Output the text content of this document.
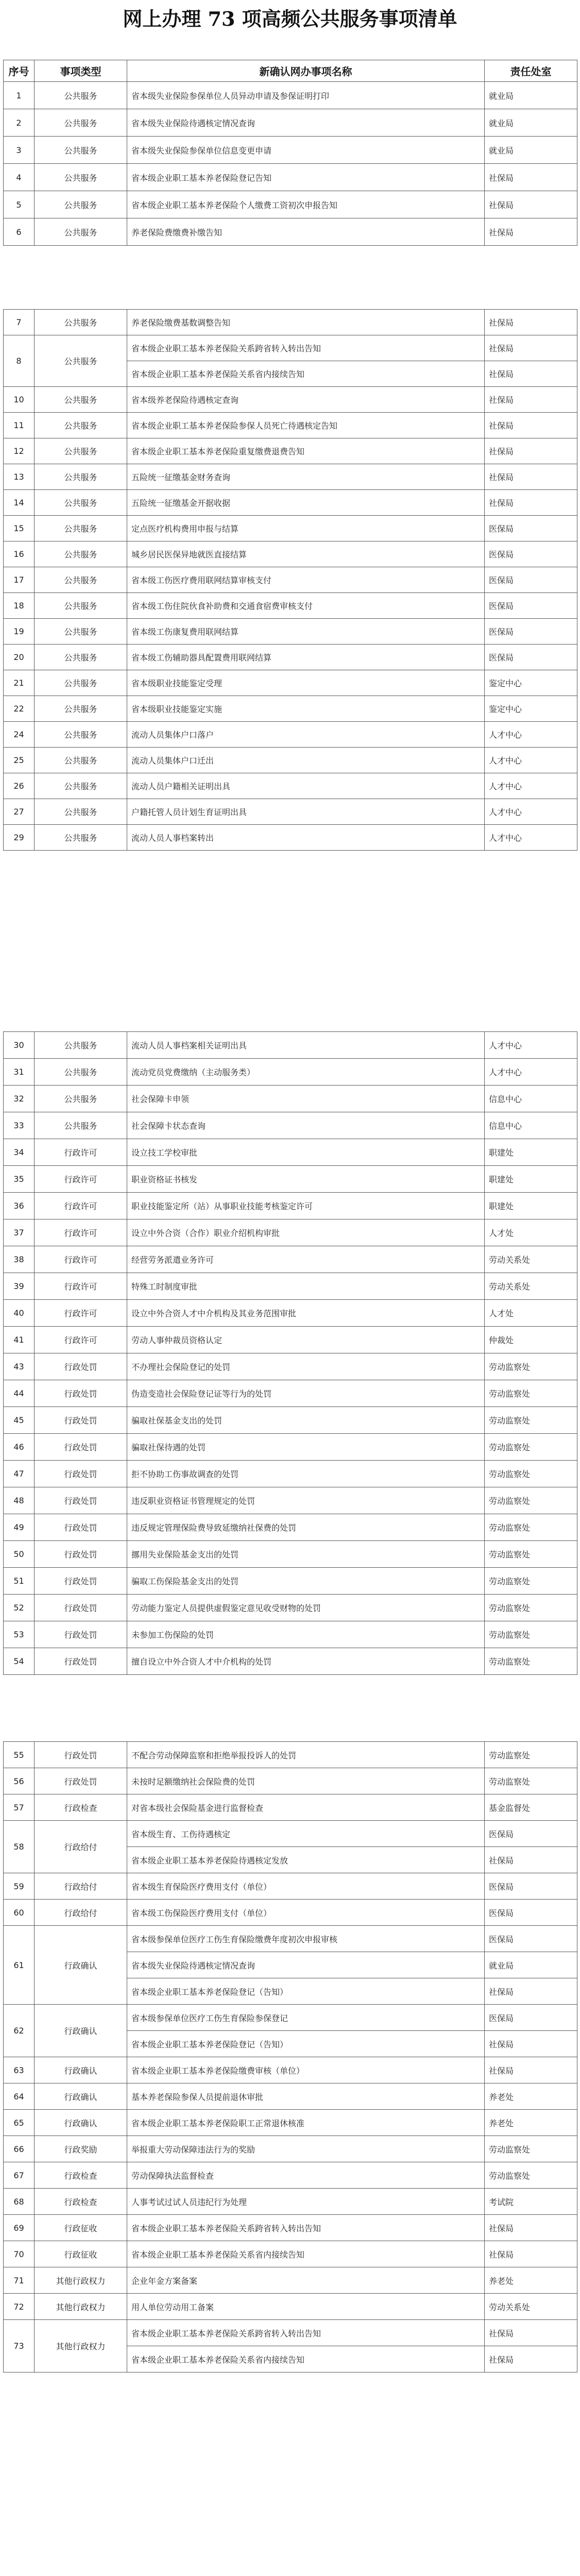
网上办理 73 项高频公共服务事项清单
序号	事项类型	新确认网办事项名称	责任处室
1	公共服务	省本级失业保险参保单位人员异动申请及参保证明打印	就业局
2	公共服务	省本级失业保险待遇核定情况查询	就业局
3	公共服务	省本级失业保险参保单位信息变更申请	就业局
4	公共服务	省本级企业职工基本养老保险登记告知	社保局
5	公共服务	省本级企业职工基本养老保险个人缴费工资初次申报告知	社保局
6	公共服务	养老保险费缴费补缴告知	社保局
7	公共服务	养老保险缴费基数调整告知	社保局
8	公共服务	省本级企业职工基本养老保险关系跨省转入转出告知	社保局
		省本级企业职工基本养老保险关系省内接续告知	社保局
10	公共服务	省本级养老保险待遇核定查询	社保局
11	公共服务	省本级企业职工基本养老保险参保人员死亡待遇核定告知	社保局
12	公共服务	省本级企业职工基本养老保险重复缴费退费告知	社保局
13	公共服务	五险统一征缴基金财务查询	社保局
14	公共服务	五险统一征缴基金开据收据	社保局
15	公共服务	定点医疗机构费用申报与结算	医保局
16	公共服务	城乡居民医保异地就医直接结算	医保局
17	公共服务	省本级工伤医疗费用联网结算审核支付	医保局
18	公共服务	省本级工伤住院伙食补助费和交通食宿费审核支付	医保局
19	公共服务	省本级工伤康复费用联网结算	医保局
20	公共服务	省本级工伤辅助器具配置费用联网结算	医保局
21	公共服务	省本级职业技能鉴定受理	鉴定中心
22	公共服务	省本级职业技能鉴定实施	鉴定中心
24	公共服务	流动人员集体户口落户	人才中心
25	公共服务	流动人员集体户口迁出	人才中心
26	公共服务	流动人员户籍相关证明出具	人才中心
27	公共服务	户籍托管人员计划生育证明出具	人才中心
29	公共服务	流动人员人事档案转出	人才中心
30	公共服务	流动人员人事档案相关证明出具	人才中心
31	公共服务	流动党员党费缴纳（主动服务类）	人才中心
32	公共服务	社会保障卡申领	信息中心
33	公共服务	社会保障卡状态查询	信息中心
34	行政许可	设立技工学校审批	职建处
35	行政许可	职业资格证书核发	职建处
36	行政许可	职业技能鉴定所（站）从事职业技能考核鉴定许可	职建处
37	行政许可	设立中外合资（合作）职业介绍机构审批	人才处
38	行政许可	经营劳务派遣业务许可	劳动关系处
39	行政许可	特殊工时制度审批	劳动关系处
40	行政许可	设立中外合资人才中介机构及其业务范围审批	人才处
41	行政许可	劳动人事仲裁员资格认定	仲裁处
43	行政处罚	不办理社会保险登记的处罚	劳动监察处
44	行政处罚	伪造变造社会保险登记证等行为的处罚	劳动监察处
45	行政处罚	骗取社保基金支出的处罚	劳动监察处
46	行政处罚	骗取社保待遇的处罚	劳动监察处
47	行政处罚	拒不协助工伤事故调查的处罚	劳动监察处
48	行政处罚	违反职业资格证书管理规定的处罚	劳动监察处
49	行政处罚	违反规定管理保险费导致延缴纳社保费的处罚	劳动监察处
50	行政处罚	挪用失业保险基金支出的处罚	劳动监察处
51	行政处罚	骗取工伤保险基金支出的处罚	劳动监察处
52	行政处罚	劳动能力鉴定人员提供虚假鉴定意见收受财物的处罚	劳动监察处
53	行政处罚	未参加工伤保险的处罚	劳动监察处
54	行政处罚	擅自设立中外合资人才中介机构的处罚	劳动监察处
55	行政处罚	不配合劳动保障监察和拒绝举报投诉人的处罚	劳动监察处
56	行政处罚	未按时足额缴纳社会保险费的处罚	劳动监察处
57	行政检查	对省本级社会保险基金进行监督检查	基金监督处
58	行政给付	省本级生育、工伤待遇核定	医保局
		省本级企业职工基本养老保险待遇核定发放	社保局
59	行政给付	省本级生育保险医疗费用支付（单位）	医保局
60	行政给付	省本级工伤保险医疗费用支付（单位）	医保局
61	行政确认	省本级参保单位医疗工伤生育保险缴费年度初次申报审核	医保局
		省本级失业保险待遇核定情况查询	就业局
		省本级企业职工基本养老保险登记（告知）	社保局
62	行政确认	省本级参保单位医疗工伤生育保险参保登记	医保局
		省本级企业职工基本养老保险登记（告知）	社保局
63	行政确认	省本级企业职工基本养老保险缴费审核（单位）	社保局
64	行政确认	基本养老保险参保人员提前退休审批	养老处
65	行政确认	省本级企业职工基本养老保险职工正常退休核准	养老处
66	行政奖励	举报重大劳动保障违法行为的奖励	劳动监察处
67	行政检查	劳动保障执法监督检查	劳动监察处
68	行政检查	人事考试过试人员违纪行为处理	考试院
69	行政征收	省本级企业职工基本养老保险关系跨省转入转出告知	社保局
70	行政征收	省本级企业职工基本养老保险关系省内接续告知	社保局
71	其他行政权力	企业年金方案备案	养老处
72	其他行政权力	用人单位劳动用工备案	劳动关系处
73	其他行政权力	省本级企业职工基本养老保险关系跨省转入转出告知	社保局
		省本级企业职工基本养老保险关系省内接续告知	社保局
